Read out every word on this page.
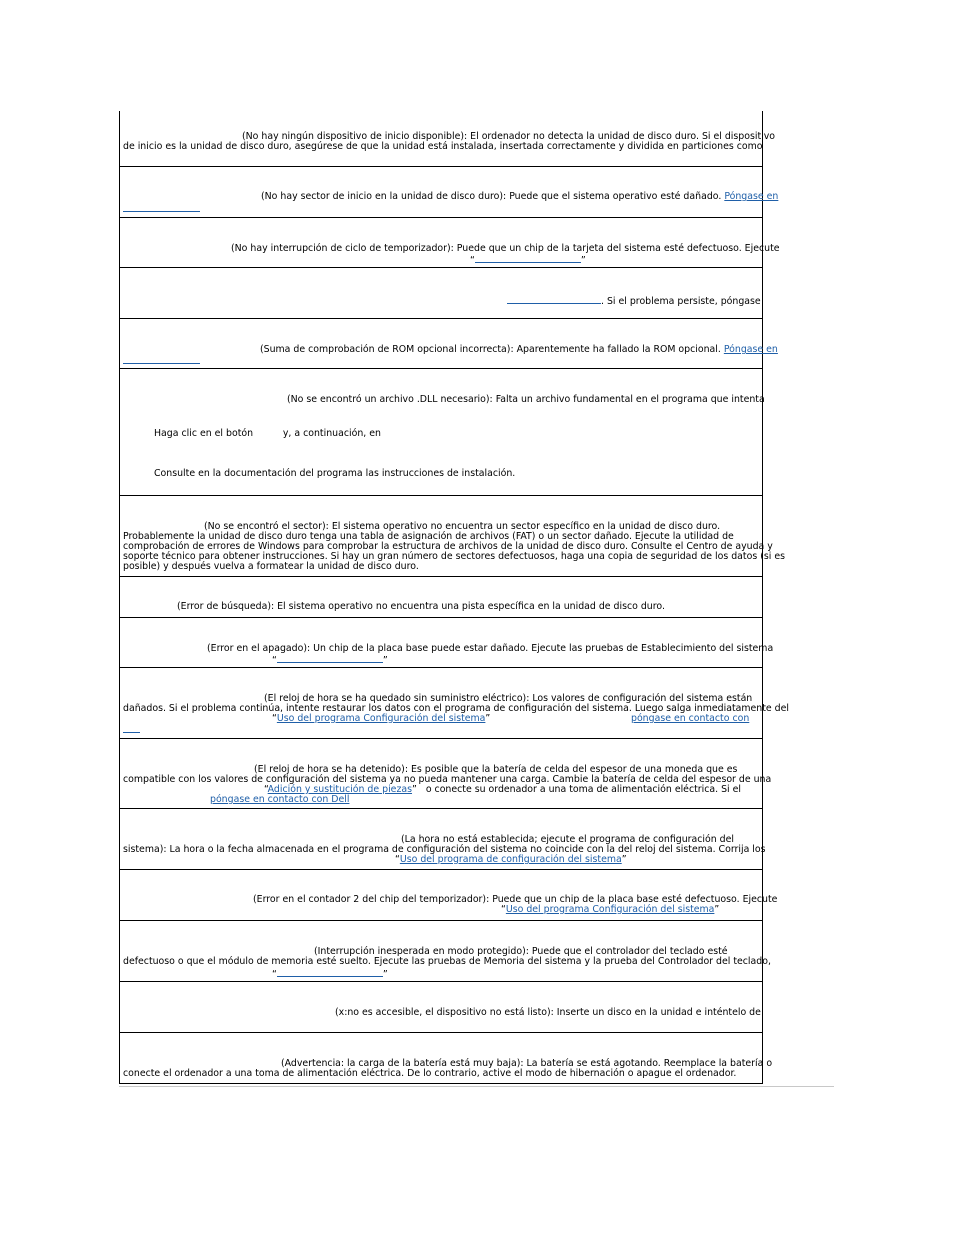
(No hay ningún dispositivo de inicio disponible): El ordenador no detecta la unidad de disco duro. Si el dispositivo
de inicio es la unidad de disco duro, asegúrese de que la unidad está instalada, insertada correctamente y dividida en particiones como
(No hay sector de inicio en la unidad de disco duro): Puede que el sistema operativo esté dañado. Póngase en
(No hay interrupción de ciclo de temporizador): Puede que un chip de la tarjeta del sistema esté defectuoso. Ejecute
“	”
. Si el problema persiste, póngase
(Suma de comprobación de ROM opcional incorrecta): Aparentemente ha fallado la ROM opcional. Póngase en
(No se encontró un archivo .DLL necesario): Falta un archivo fundamental en el programa que intenta
Haga clic en el botón          y, a continuación, en
Consulte en la documentación del programa las instrucciones de instalación.
(No se encontró el sector): El sistema operativo no encuentra un sector específico en la unidad de disco duro.
Probablemente la unidad de disco duro tenga una tabla de asignación de archivos (FAT) o un sector dañado. Ejecute la utilidad de
comprobación de errores de Windows para comprobar la estructura de archivos de la unidad de disco duro. Consulte el Centro de ayuda y
soporte técnico para obtener instrucciones. Si hay un gran número de sectores defectuosos, haga una copia de seguridad de los datos (si es
posible) y después vuelva a formatear la unidad de disco duro.
(Error de búsqueda): El sistema operativo no encuentra una pista específica en la unidad de disco duro.
(Error en el apagado): Un chip de la placa base puede estar dañado. Ejecute las pruebas de Establecimiento del sistema
“	”
(El reloj de hora se ha quedado sin suministro eléctrico): Los valores de configuración del sistema están
dañados. Si el problema continúa, intente restaurar los datos con el programa de configuración del sistema. Luego salga inmediatamente del
“Uso del programa Configuración del sistema”	póngase en contacto con
(El reloj de hora se ha detenido): Es posible que la batería de celda del espesor de una moneda que es
compatible con los valores de configuración del sistema ya no pueda mantener una carga. Cambie la batería de celda del espesor de una
“Adición y sustitución de piezas”   o conecte su ordenador a una toma de alimentación eléctrica. Si el
póngase en contacto con Dell
(La hora no está establecida; ejecute el programa de configuración del
sistema): La hora o la fecha almacenada en el programa de configuración del sistema no coincide con la del reloj del sistema. Corrija los
“Uso del programa de configuración del sistema”
(Error en el contador 2 del chip del temporizador): Puede que un chip de la placa base esté defectuoso. Ejecute
“Uso del programa Configuración del sistema”
(Interrupción inesperada en modo protegido): Puede que el controlador del teclado esté
defectuoso o que el módulo de memoria esté suelto. Ejecute las pruebas de Memoria del sistema y la prueba del Controlador del teclado,
“	”
(x:no es accesible, el dispositivo no está listo): Inserte un disco en la unidad e inténtelo de
(Advertencia: la carga de la batería está muy baja): La batería se está agotando. Reemplace la batería o
conecte el ordenador a una toma de alimentación eléctrica. De lo contrario, active el modo de hibernación o apague el ordenador.
